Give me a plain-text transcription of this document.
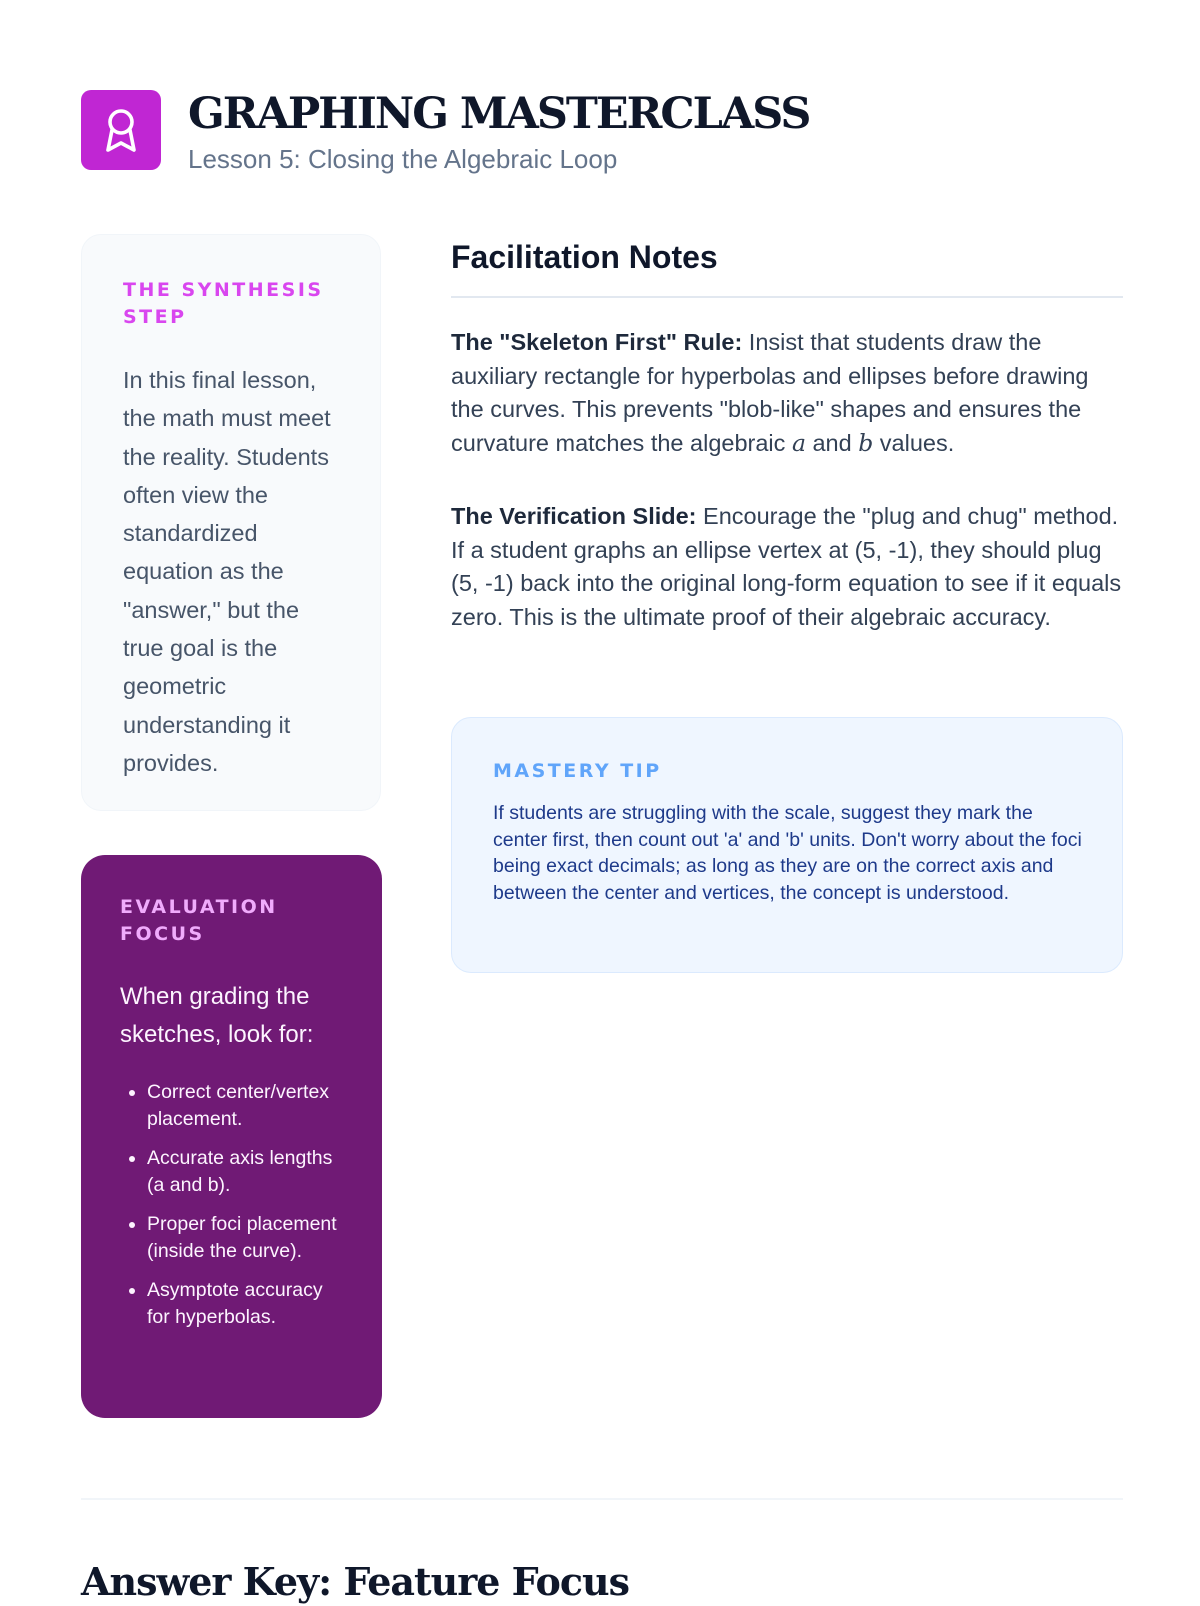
GRAPHING MASTERCLASS
Lesson 5: Closing the Algebraic Loop
THE SYNTHESIS STEP
In this final lesson, the math must meet the reality. Students often view the standardized equation as the "answer," but the true goal is the geometric understanding it provides.
EVALUATION FOCUS
When grading the sketches, look for:
• Correct center/vertex placement.
• Accurate axis lengths (a and b).
• Proper foci placement (inside the curve).
• Asymptote accuracy for hyperbolas.
Facilitation Notes
The "Skeleton First" Rule: Insist that students draw the auxiliary rectangle for hyperbolas and ellipses before drawing the curves. This prevents "blob-like" shapes and ensures the curvature matches the algebraic a and b values.
The Verification Slide: Encourage the "plug and chug" method. If a student graphs an ellipse vertex at (5, -1), they should plug (5, -1) back into the original long-form equation to see if it equals zero. This is the ultimate proof of their algebraic accuracy.
MASTERY TIP
If students are struggling with the scale, suggest they mark the center first, then count out 'a' and 'b' units. Don't worry about the foci being exact decimals; as long as they are on the correct axis and between the center and vertices, the concept is understood.
Answer Key: Feature Focus
